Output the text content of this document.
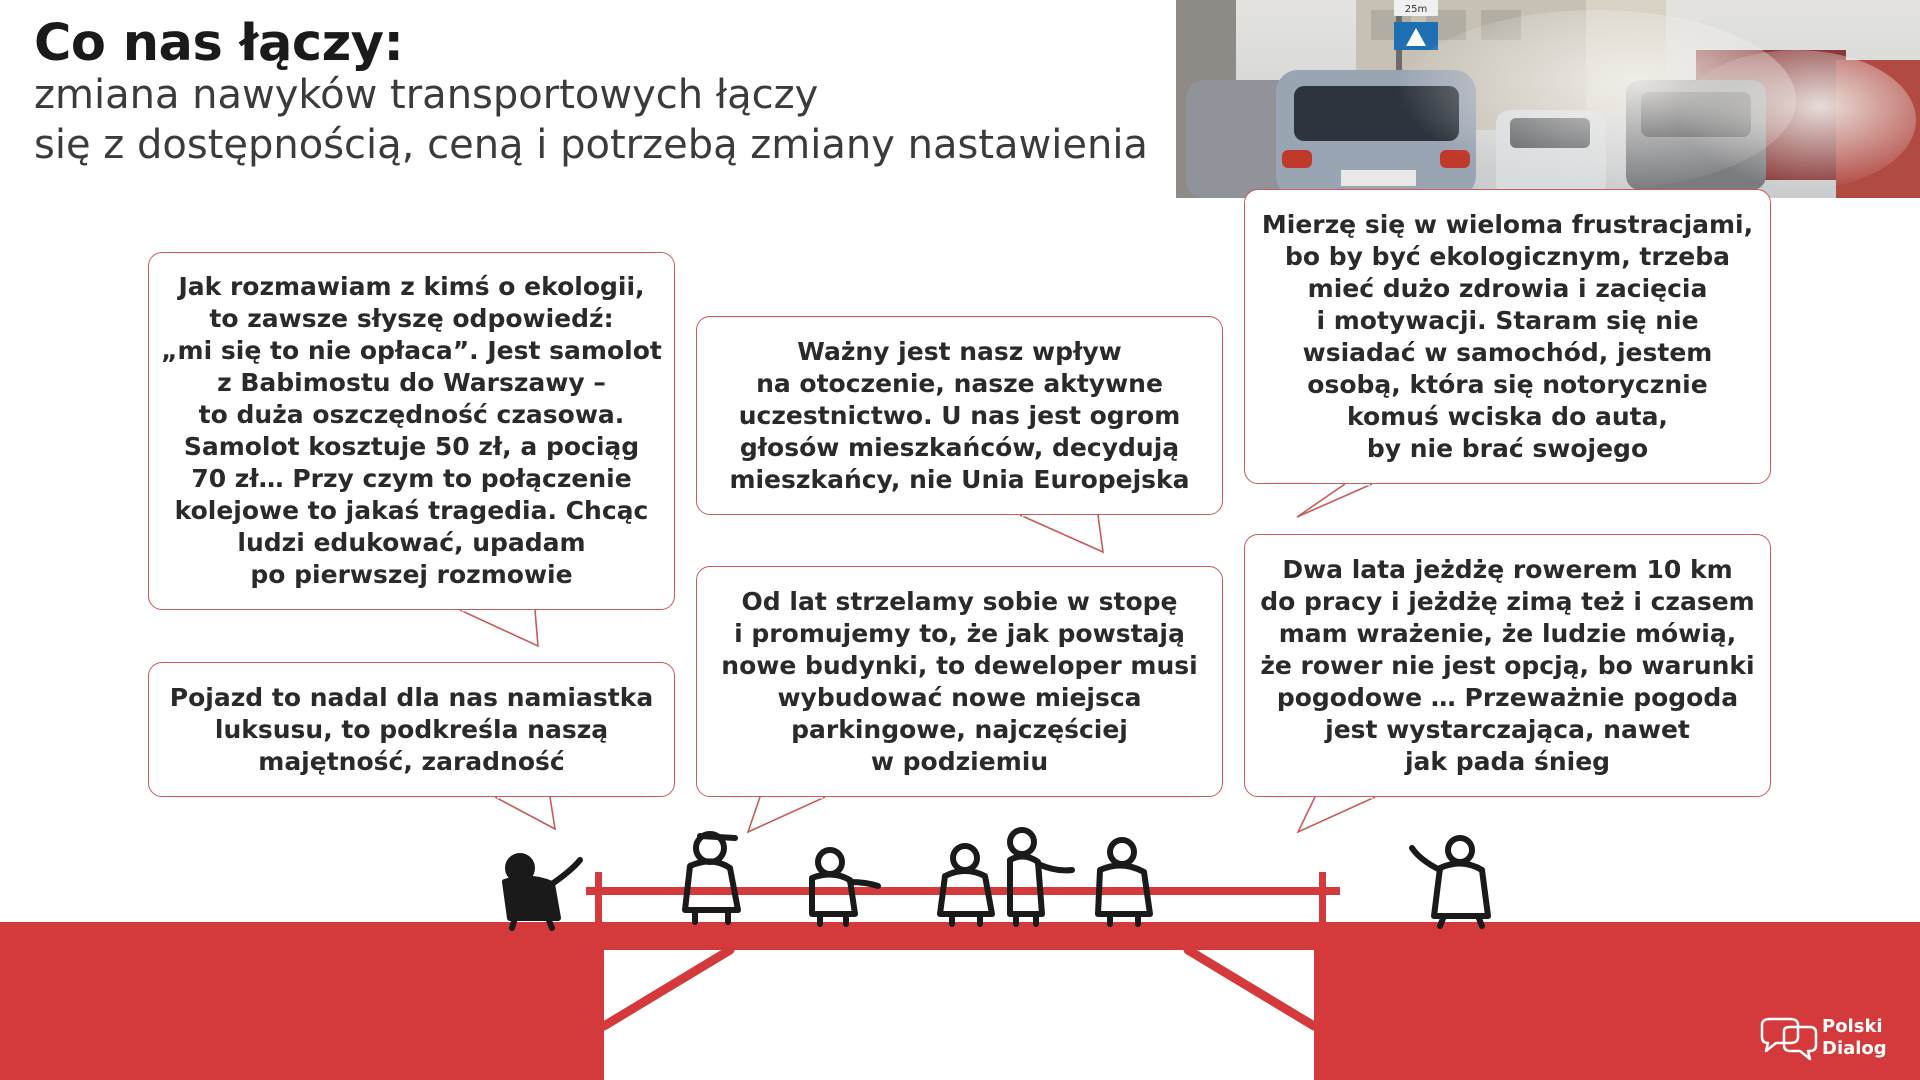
Co nas łączy:
zmiana nawyków transportowych łączy
się z dostępnością, ceną i potrzebą zmiany nastawienia
25m
Jak rozmawiam z kimś o ekologii,
to zawsze słyszę odpowiedź:
„mi się to nie opłaca”. Jest samolot
z Babimostu do Warszawy –
to duża oszczędność czasowa.
Samolot kosztuje 50 zł, a pociąg
70 zł… Przy czym to połączenie
kolejowe to jakaś tragedia. Chcąc
ludzi edukować, upadam
po pierwszej rozmowie
Pojazd to nadal dla nas namiastka
luksusu, to podkreśla naszą
majętność, zaradność
Ważny jest nasz wpływ
na otoczenie, nasze aktywne
uczestnictwo. U nas jest ogrom
głosów mieszkańców, decydują
mieszkańcy, nie Unia Europejska
Od lat strzelamy sobie w stopę
i promujemy to, że jak powstają
nowe budynki, to deweloper musi
wybudować nowe miejsca
parkingowe, najczęściej
w podziemiu
Mierzę się w wieloma frustracjami,
bo by być ekologicznym, trzeba
mieć dużo zdrowia i zacięcia
i motywacji. Staram się nie
wsiadać w samochód, jestem
osobą, która się notorycznie
komuś wciska do auta,
by nie brać swojego
Dwa lata jeżdżę rowerem 10 km
do pracy i jeżdżę zimą też i czasem
mam wrażenie, że ludzie mówią,
że rower nie jest opcją, bo warunki
pogodowe … Przeważnie pogoda
jest wystarczająca, nawet
jak pada śnieg
Polski
Dialog
